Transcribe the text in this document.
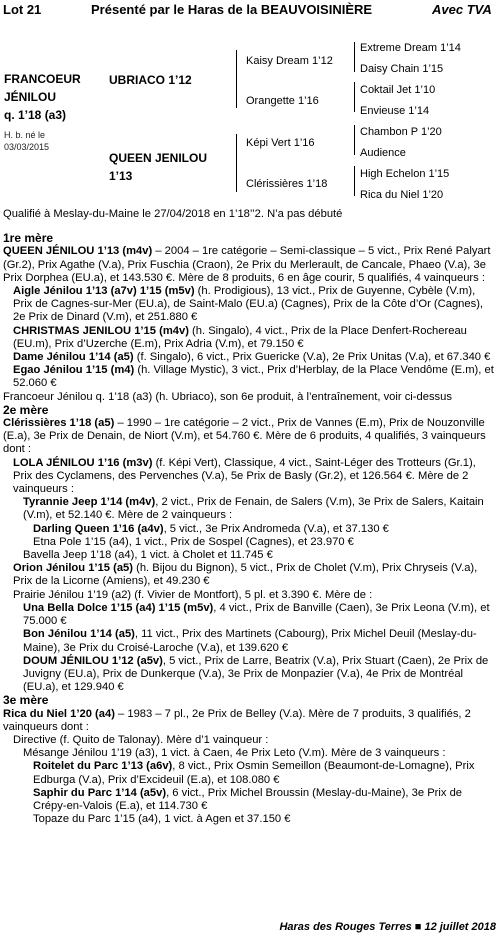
Lot 21	Présenté par le Haras de la BEAUVOISINIÈRE	Avec TVA
FRANCOEUR
JÉNILOU
q. 1’18 (a3)
H. b. né le
03/03/2015
UBRIACO 1’12
QUEEN JENILOU
1’13
Kaisy Dream 1’12
Orangette 1’16
Képi Vert 1’16
Clérissières 1’18
Extreme Dream 1’14
Daisy Chain 1’15
Coktail Jet 1’10
Envieuse 1’14
Chambon P 1’20
Audience
High Echelon 1’15
Rica du Niel 1’20

Qualifié à Meslay-du-Maine le 27/04/2018 en 1’18’’2. N’a pas débuté

1re mère

QUEEN JÉNILOU 1’13 (m4v) – 2004 – 1re catégorie – Semi-classique – 5 vict., Prix René Palyart (Gr.2), Prix Agathe (V.a), Prix Fuschia (Craon), 2e Prix du Merlerault, de Cancale, Phaeo (V.a), 3e Prix Dorphea (EU.a), et 143.530 €. Mère de 8 produits, 6 en âge courir, 5 qualifiés, 4 vainqueurs :

Aigle Jénilou 1’13 (a7v) 1’15 (m5v) (h. Prodigious), 13 vict., Prix de Guyenne, Cybèle (V.m), Prix de Cagnes-sur-Mer (EU.a), de Saint-Malo (EU.a) (Cagnes), Prix de la Côte d’Or (Cagnes), 2e Prix de Dinard (V.m), et 251.880 €

CHRISTMAS JENILOU 1’15 (m4v) (h. Singalo), 4 vict., Prix de la Place Denfert-Rochereau (EU.m), Prix d’Uzerche (E.m), Prix Adria (V.m), et 79.150 €

Dame Jénilou 1’14 (a5) (f. Singalo), 6 vict., Prix Guericke (V.a), 2e Prix Unitas (V.a), et 67.340 €

Egao Jénilou 1’15 (m4) (h. Village Mystic), 3 vict., Prix d’Herblay, de la Place Vendôme (E.m), et 52.060 €

Francoeur Jénilou q. 1’18 (a3) (h. Ubriaco), son 6e produit, à l’entraînement, voir ci-dessus

2e mère

Clérissières 1’18 (a5) – 1990 – 1re catégorie – 2 vict., Prix de Vannes (E.m), Prix de Nouzonville (E.a), 3e Prix de Denain, de Niort (V.m), et 54.760 €. Mère de 6 produits, 4 qualifiés, 3 vainqueurs dont :

LOLA JÉNILOU 1’16 (m3v) (f. Képi Vert), Classique, 4 vict., Saint-Léger des Trotteurs (Gr.1), Prix des Cyclamens, des Pervenches (V.a), 5e Prix de Basly (Gr.2), et 126.564 €. Mère de 2 vainqueurs :

Tyrannie Jeep 1’14 (m4v), 2 vict., Prix de Fenain, de Salers (V.m), 3e Prix de Salers, Kaitain (V.m), et 52.140 €. Mère de 2 vainqueurs :

Darling Queen 1’16 (a4v), 5 vict., 3e Prix Andromeda (V.a), et 37.130 €

Etna Pole 1’15 (a4), 1 vict., Prix de Sospel (Cagnes), et 23.970 €

Bavella Jeep 1’18 (a4), 1 vict. à Cholet et 11.745 €

Orion Jénilou 1’15 (a5) (h. Bijou du Bignon), 5 vict., Prix de Cholet (V.m), Prix Chryseis (V.a), Prix de la Licorne (Amiens), et 49.230 €

Prairie Jénilou 1’19 (a2) (f. Vivier de Montfort), 5 pl. et 3.390 €. Mère de :

Una Bella Dolce 1’15 (a4) 1’15 (m5v), 4 vict., Prix de Banville (Caen), 3e Prix Leona (V.m), et 75.000 €

Bon Jénilou 1’14 (a5), 11 vict., Prix des Martinets (Cabourg), Prix Michel Deuil (Meslay-du-Maine), 3e Prix du Croisé-Laroche (V.a), et 139.620 €

DOUM JÉNILOU 1’12 (a5v), 5 vict., Prix de Larre, Beatrix (V.a), Prix Stuart (Caen), 2e Prix de Juvigny (EU.a), Prix de Dunkerque (V.a), 3e Prix de Monpazier (V.a), 4e Prix de Montréal (EU.a), et 129.940 €

3e mère

Rica du Niel 1’20 (a4) – 1983 – 7 pl., 2e Prix de Belley (V.a). Mère de 7 produits, 3 qualifiés, 2 vainqueurs dont :

Directive (f. Quito de Talonay). Mère d’1 vainqueur :

Mésange Jénilou 1’19 (a3), 1 vict. à Caen, 4e Prix Leto (V.m). Mère de 3 vainqueurs :

Roitelet du Parc 1’13 (a6v), 8 vict., Prix Osmin Semeillon (Beaumont-de-Lomagne), Prix Edburga (V.a), Prix d’Excideuil (E.a), et 108.080 €

Saphir du Parc 1’14 (a5v), 6 vict., Prix Michel Broussin (Meslay-du-Maine), 3e Prix de Crépy-en-Valois (E.a), et 114.730 €

Topaze du Parc 1’15 (a4), 1 vict. à Agen et 37.150 €

Haras des Rouges Terres ■ 12 juillet 2018
